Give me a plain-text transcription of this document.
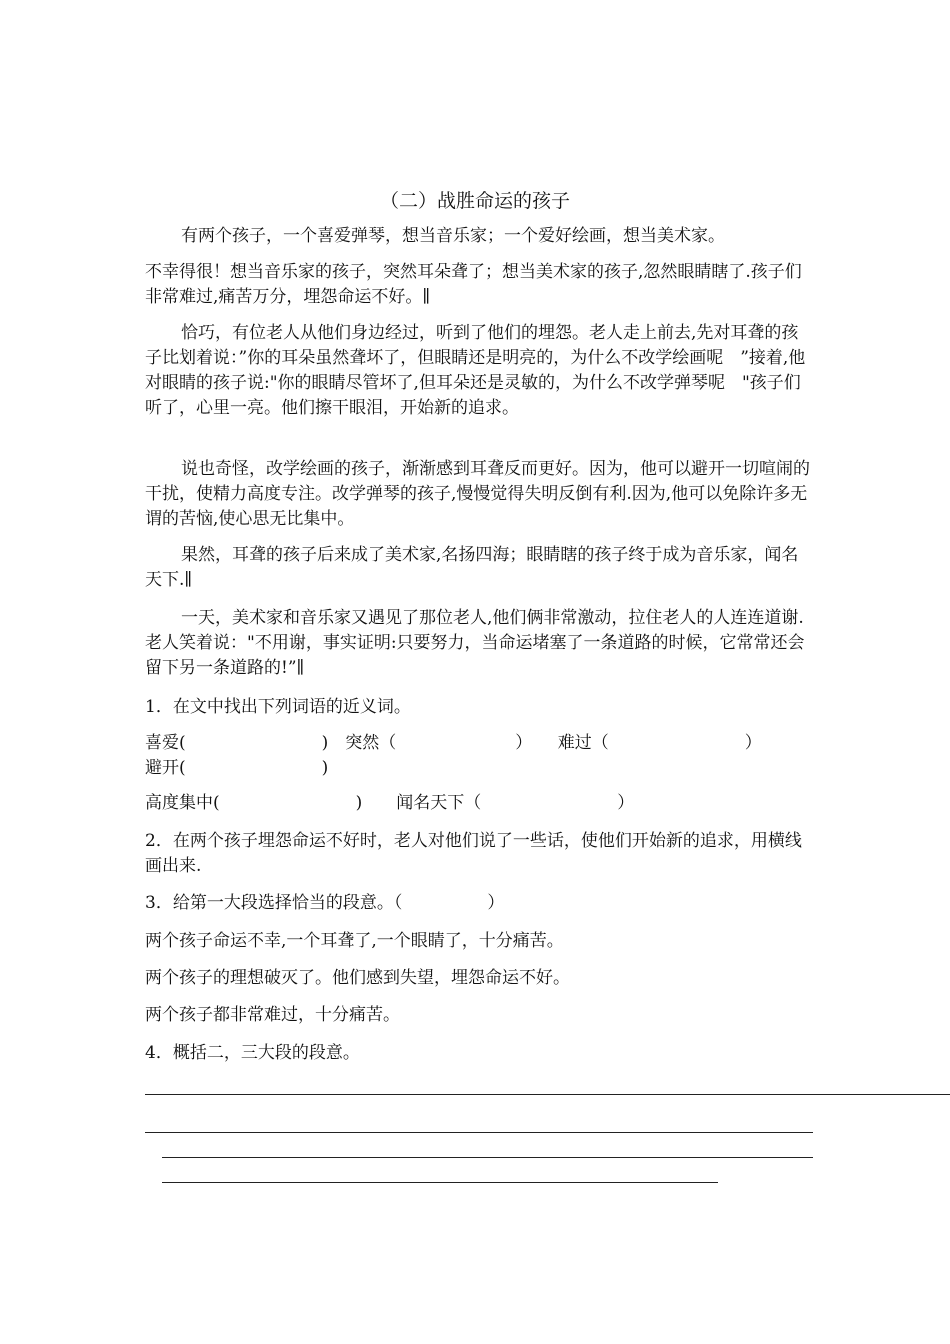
（二）战胜命运的孩子
有两个孩子，一个喜爱弹琴，想当音乐家；一个爱好绘画，想当美术家。
不幸得很！想当音乐家的孩子，突然耳朵聋了；想当美术家的孩子,忽然眼睛瞎了.孩子们非常难过,痛苦万分，埋怨命运不好。∥
恰巧，有位老人从他们身边经过，听到了他们的埋怨。老人走上前去,先对耳聋的孩子比划着说：”你的耳朵虽然聋坏了，但眼睛还是明亮的，为什么不改学绘画呢　”接着,他对眼睛的孩子说:"你的眼睛尽管坏了,但耳朵还是灵敏的，为什么不改学弹琴呢　"孩子们听了，心里一亮。他们擦干眼泪，开始新的追求。
说也奇怪，改学绘画的孩子，渐渐感到耳聋反而更好。因为，他可以避开一切喧闹的干扰，使精力高度专注。改学弹琴的孩子,慢慢觉得失明反倒有利.因为,他可以免除许多无谓的苦恼,使心思无比集中。
果然，耳聋的孩子后来成了美术家,名扬四海；眼睛瞎的孩子终于成为音乐家，闻名天下.∥
一天，美术家和音乐家又遇见了那位老人,他们俩非常激动，拉住老人的人连连道谢.老人笑着说："不用谢，事实证明:只要努力，当命运堵塞了一条道路的时候，它常常还会留下另一条道路的!”∥
1．在文中找出下列词语的近义词。
喜爱(　　　　　　　　)　突然（　　　　　　　）　　难过（　　　　　　　　）
避开(　　　　　　　　)
高度集中(　　　　　　　　)　　闻名天下（　　　　　　　　）
2．在两个孩子埋怨命运不好时，老人对他们说了一些话，使他们开始新的追求，用横线画出来.
3．给第一大段选择恰当的段意。（　　　　　）
两个孩子命运不幸,一个耳聋了,一个眼睛了，十分痛苦。
两个孩子的理想破灭了。他们感到失望，埋怨命运不好。
两个孩子都非常难过，十分痛苦。
4．概括二，三大段的段意。
